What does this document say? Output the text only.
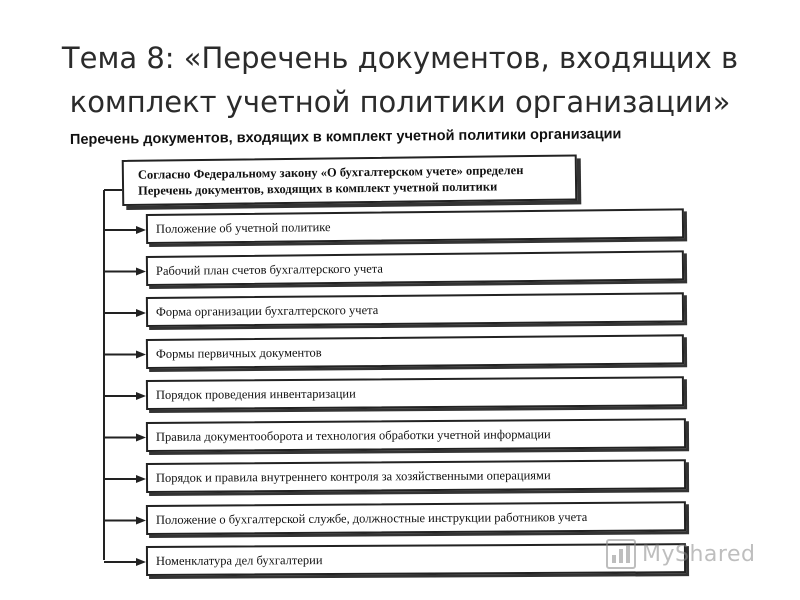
Тема 8: «Перечень документов, входящих в
комплект учетной политики организации»
Перечень документов, входящих в комплект учетной политики организации
Согласно Федеральному закону «О бухгалтерском учете» определен
Перечень документов, входящих в комплект учетной политики
Положение об учетной политике
Рабочий план счетов бухгалтерского учета
Форма организации бухгалтерского учета
Формы первичных документов
Порядок проведения инвентаризации
Правила документооборота и технология обработки учетной информации
Порядок и правила внутреннего контроля за хозяйственными операциями
Положение о бухгалтерской службе, должностные инструкции работников учета
Номенклатура дел бухгалтерии	MyShared
